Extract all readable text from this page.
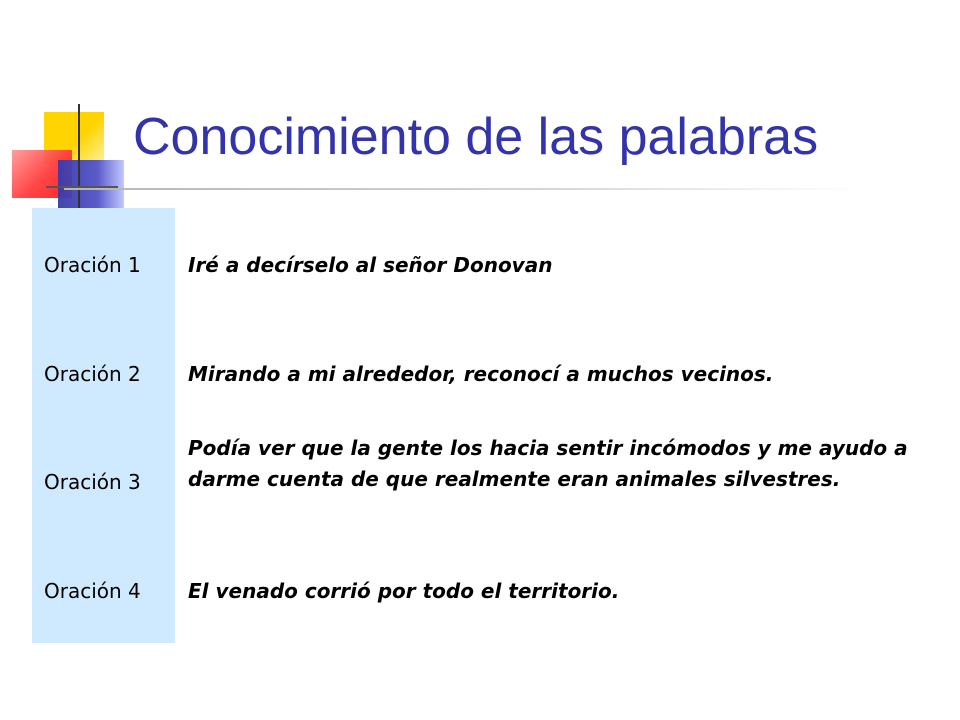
Conocimiento de las palabras
Oración 1 Iré a decírselo al señor Donovan
Oración 2 Mirando a mi alrededor, reconocí a muchos vecinos.
Oración 3
Podía ver que la gente los hacia sentir incómodos y me ayudo a darme cuenta de que realmente eran animales silvestres.
Oración 4 El venado corrió por todo el territorio.
